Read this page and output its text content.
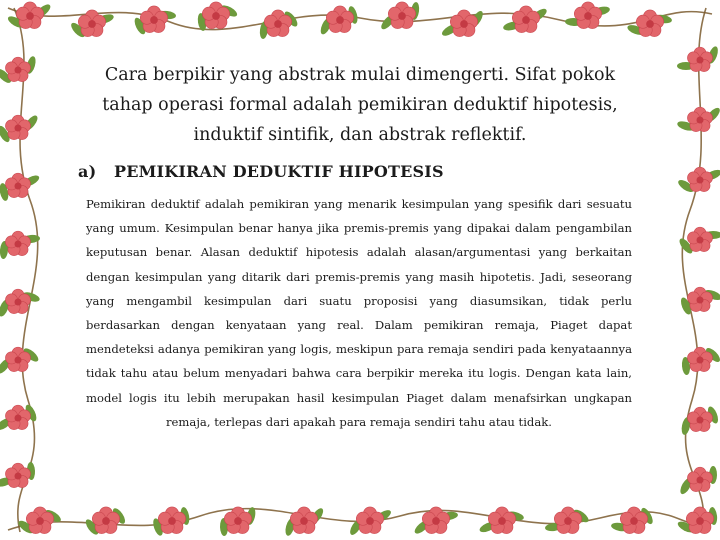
Cara berpikir yang abstrak mulai dimengerti. Sifat pokok tahap operasi formal adalah pemikiran deduktif hipotesis, induktif sintifik, dan abstrak reflektif.
a) PEMIKIRAN DEDUKTIF HIPOTESIS
Pemikiran deduktif adalah pemikiran yang menarik kesimpulan yang spesifik dari sesuatu yang umum. Kesimpulan benar hanya jika premis-premis yang dipakai dalam pengambilan keputusan benar. Alasan deduktif hipotesis adalah alasan/argumentasi yang berkaitan dengan kesimpulan yang ditarik dari premis-premis yang masih hipotetis. Jadi, seseorang yang mengambil kesimpulan dari suatu proposisi yang diasumsikan, tidak perlu berdasarkan dengan kenyataan yang real. Dalam pemikiran remaja, Piaget dapat mendeteksi adanya pemikiran yang logis, meskipun para remaja sendiri pada kenyataannya tidak tahu atau belum menyadari bahwa cara berpikir mereka itu logis. Dengan kata lain, model logis itu lebih merupakan hasil kesimpulan Piaget dalam menafsirkan ungkapan remaja, terlepas dari apakah para remaja sendiri tahu atau tidak.
